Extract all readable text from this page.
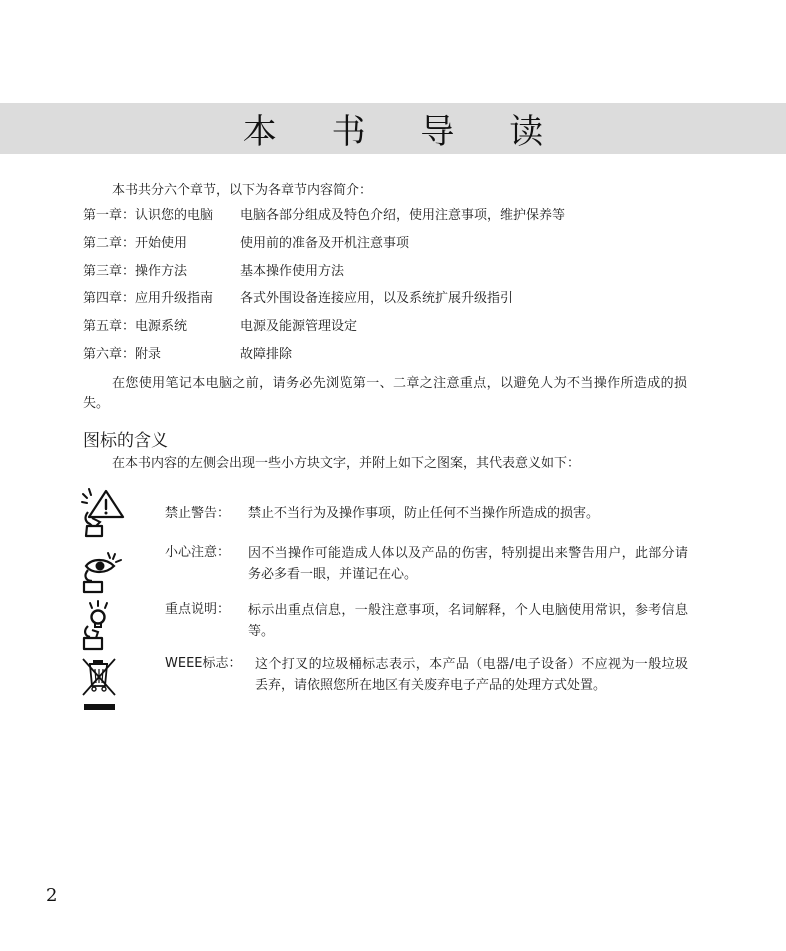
本 书 导 读
本书共分六个章节，以下为各章节内容简介：
第一章：认识您的电脑 电脑各部分组成及特色介绍，使用注意事项，维护保养等
第二章：开始使用	使用前的准备及开机注意事项
第三章：操作方法	基本操作使用方法
第四章：应用升级指南 各式外围设备连接应用，以及系统扩展升级指引
第五章：电源系统	电源及能源管理设定
第六章：附录	故障排除
在您使用笔记本电脑之前，请务必先浏览第一、二章之注意重点，以避免人为不当操作所造成的损失。
图标的含义
在本书内容的左侧会出现一些小方块文字，并附上如下之图案，其代表意义如下：
禁止警告： 禁止不当行为及操作事项，防止任何不当操作所造成的损害。
小心注意： 因不当操作可能造成人体以及产品的伤害，特别提出来警告用户，此部分请务必多看一眼，并谨记在心。
重点说明： 标示出重点信息，一般注意事项，名词解释，个人电脑使用常识，参考信息等。
WEEE标志： 这个打叉的垃圾桶标志表示，本产品（电器/电子设备）不应视为一般垃圾丢弃，请依照您所在地区有关废弃电子产品的处理方式处置。
2
